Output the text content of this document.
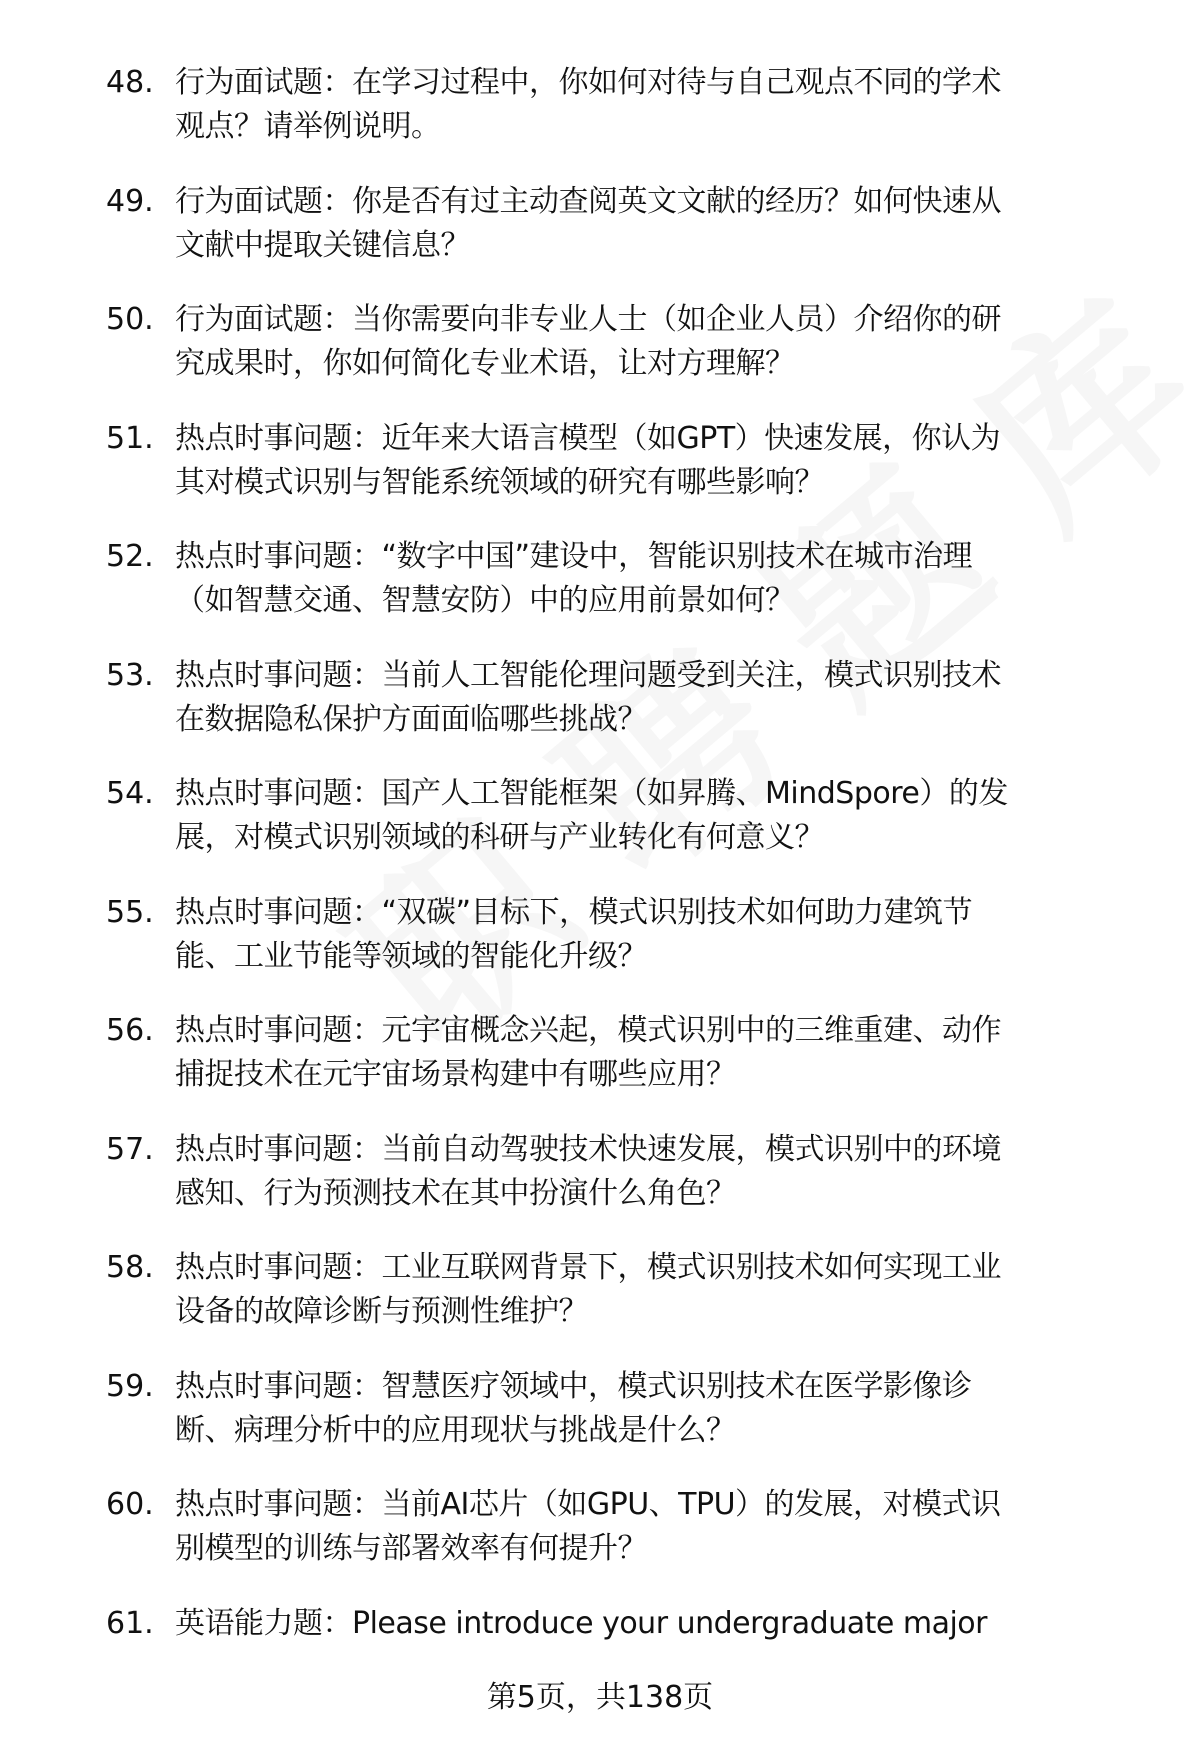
48. 行为面试题：在学习过程中，你如何对待与自己观点不同的学术
观点？请举例说明。
49. 行为面试题：你是否有过主动查阅英文文献的经历？如何快速从
文献中提取关键信息？
50. 行为面试题：当你需要向非专业人士（如企业人员）介绍你的研
究成果时，你如何简化专业术语，让对方理解？
51. 热点时事问题：近年来大语言模型（如GPT）快速发展，你认为
其对模式识别与智能系统领域的研究有哪些影响？
52. 热点时事问题：“数字中国”建设中，智能识别技术在城市治理
（如智慧交通、智慧安防）中的应用前景如何？
53. 热点时事问题：当前人工智能伦理问题受到关注，模式识别技术
在数据隐私保护方面面临哪些挑战？
54. 热点时事问题：国产人工智能框架（如昇腾、MindSpore）的发
展，对模式识别领域的科研与产业转化有何意义？
55. 热点时事问题：“双碳”目标下，模式识别技术如何助力建筑节
能、工业节能等领域的智能化升级？
56. 热点时事问题：元宇宙概念兴起，模式识别中的三维重建、动作
捕捉技术在元宇宙场景构建中有哪些应用？
57. 热点时事问题：当前自动驾驶技术快速发展，模式识别中的环境
感知、行为预测技术在其中扮演什么角色？
58. 热点时事问题：工业互联网背景下，模式识别技术如何实现工业
设备的故障诊断与预测性维护？
59. 热点时事问题：智慧医疗领域中，模式识别技术在医学影像诊
断、病理分析中的应用现状与挑战是什么？
60. 热点时事问题：当前AI芯片（如GPU、TPU）的发展，对模式识
别模型的训练与部署效率有何提升？
61. 英语能力题：Please introduce your undergraduate major
第5页，共138页
